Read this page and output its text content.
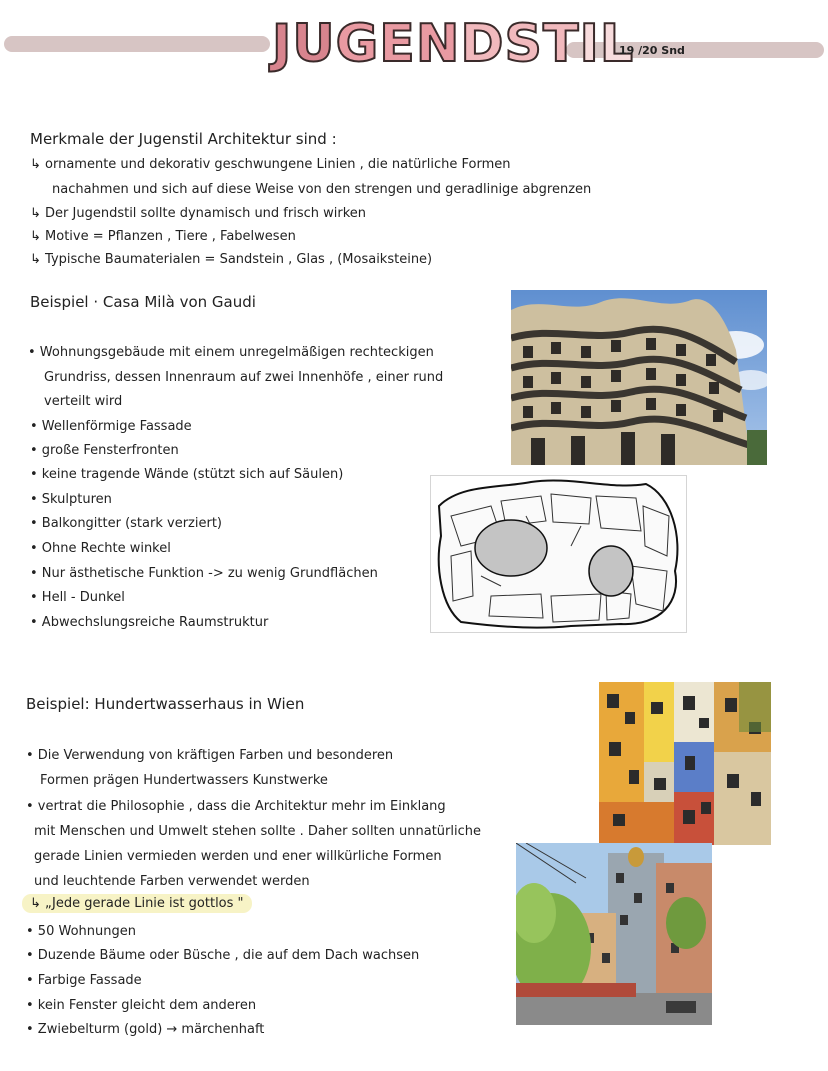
JUGENDSTIL
19 /20 Snd
Merkmale der Jugenstil Architektur sind :
↳ ornamente und dekorativ geschwungene Linien , die natürliche Formen
nachahmen und sich auf diese Weise von den strengen und geradlinige abgrenzen
↳ Der Jugendstil sollte dynamisch und frisch wirken
↳ Motive = Pflanzen , Tiere , Fabelwesen
↳ Typische Baumaterialen = Sandstein , Glas , (Mosaiksteine)
Beispiel · Casa Milà von Gaudi
• Wohnungsgebäude mit einem unregelmäßigen rechteckigen
Grundriss, dessen Innenraum auf zwei Innenhöfe , einer rund
verteilt wird
• Wellenförmige Fassade
• große Fensterfronten
• keine tragende Wände (stützt sich auf Säulen)
• Skulpturen
• Balkongitter (stark verziert)
• Ohne Rechte winkel
• Nur ästhetische Funktion -> zu wenig Grundflächen
• Hell - Dunkel
• Abwechslungsreiche Raumstruktur
Beispiel: Hundertwasserhaus in Wien
• Die Verwendung von kräftigen Farben und besonderen
Formen prägen Hundertwassers Kunstwerke
• vertrat die Philosophie , dass die Architektur mehr im Einklang
mit Menschen und Umwelt stehen sollte . Daher sollten unnatürliche
gerade Linien vermieden werden und ener willkürliche Formen
und leuchtende Farben verwendet werden
↳ „Jede gerade Linie ist gottlos "
• 50 Wohnungen
• Duzende Bäume oder Büsche , die auf dem Dach wachsen
• Farbige Fassade
• kein Fenster gleicht dem anderen
• Zwiebelturm (gold) → märchenhaft
